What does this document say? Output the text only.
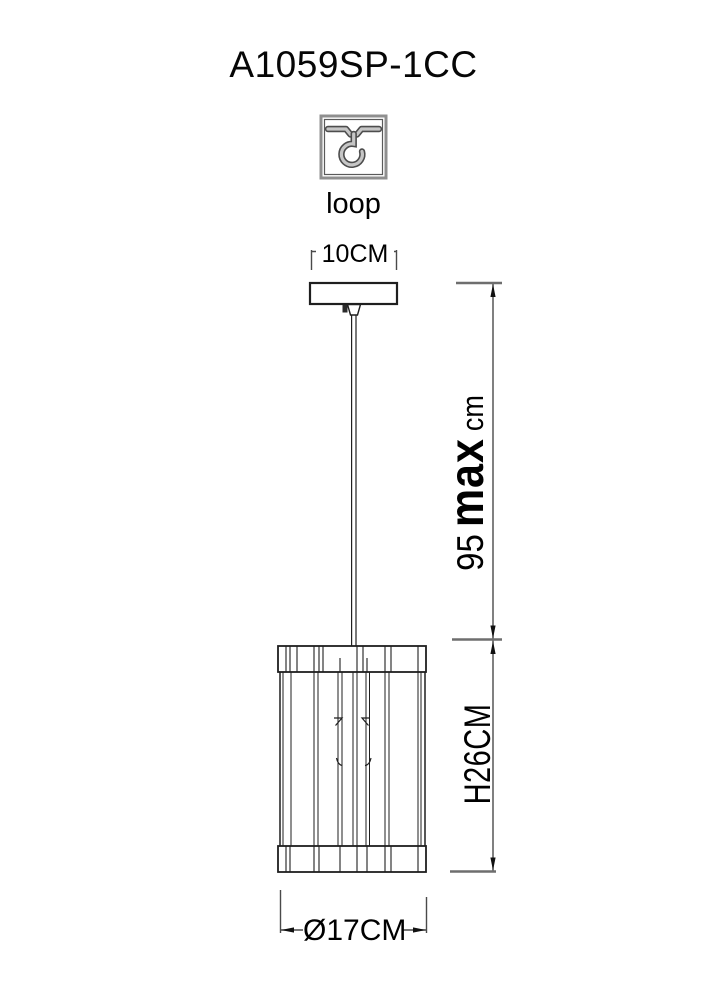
A1059SP-1CC
loop
10CM
95
max
cm
H26CM
Ø17CM
